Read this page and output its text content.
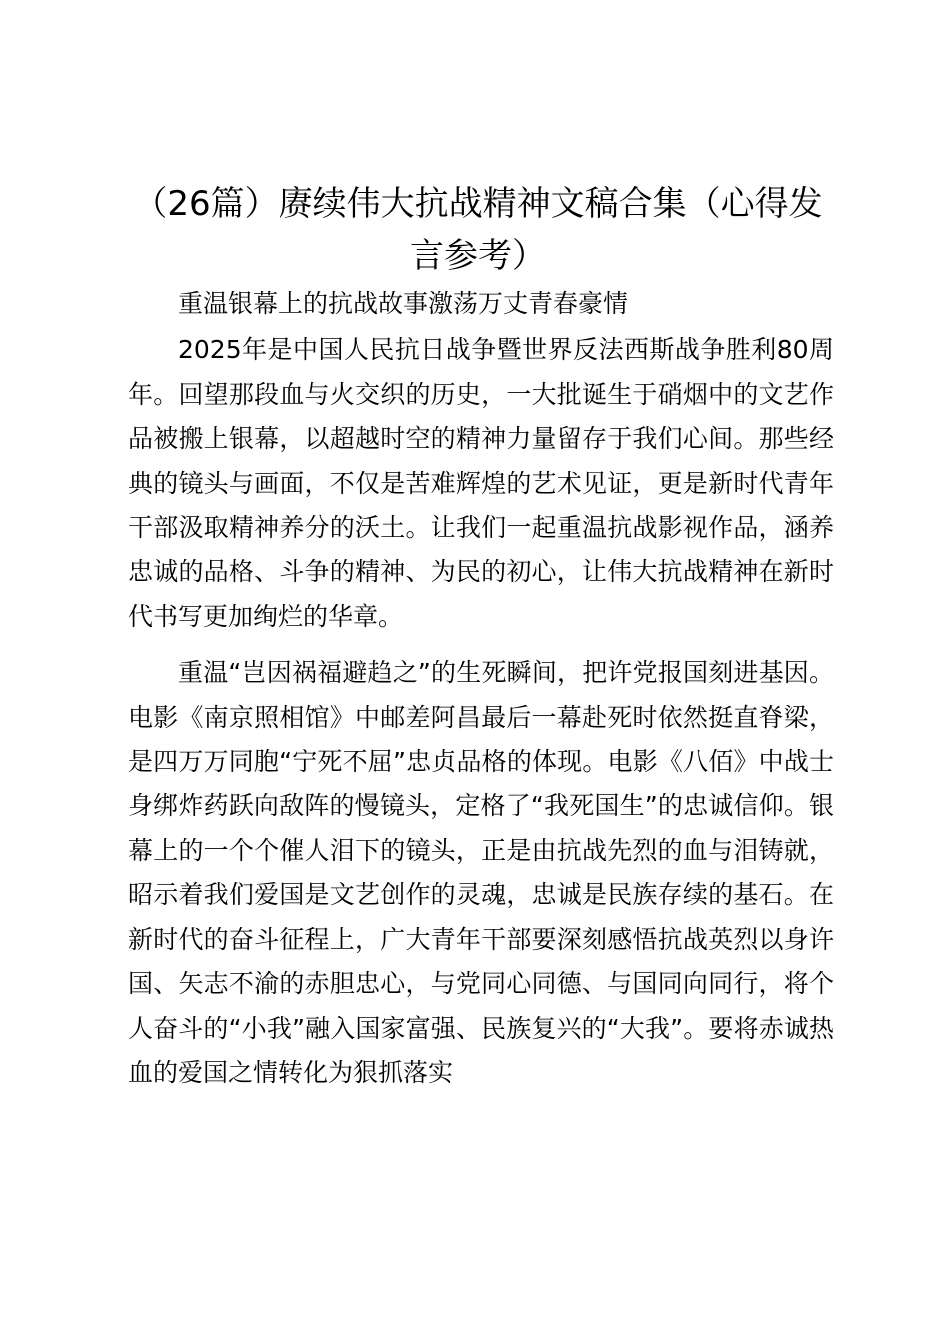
（26篇）赓续伟大抗战精神文稿合集（心得发言参考）

重温银幕上的抗战故事激荡万丈青春豪情

2025年是中国人民抗日战争暨世界反法西斯战争胜利80周年。回望那段血与火交织的历史，一大批诞生于硝烟中的文艺作品被搬上银幕，以超越时空的精神力量留存于我们心间。那些经典的镜头与画面，不仅是苦难辉煌的艺术见证，更是新时代青年干部汲取精神养分的沃土。让我们一起重温抗战影视作品，涵养忠诚的品格、斗争的精神、为民的初心，让伟大抗战精神在新时代书写更加绚烂的华章。

重温“岂因祸福避趋之”的生死瞬间，把许党报国刻进基因。电影《南京照相馆》中邮差阿昌最后一幕赴死时依然挺直脊梁，是四万万同胞“宁死不屈”忠贞品格的体现。电影《八佰》中战士身绑炸药跃向敌阵的慢镜头，定格了“我死国生”的忠诚信仰。银幕上的一个个催人泪下的镜头，正是由抗战先烈的血与泪铸就，昭示着我们爱国是文艺创作的灵魂，忠诚是民族存续的基石。在新时代的奋斗征程上，广大青年干部要深刻感悟抗战英烈以身许国、矢志不渝的赤胆忠心，与党同心同德、与国同向同行，将个人奋斗的“小我”融入国家富强、民族复兴的“大我”。要将赤诚热血的爱国之情转化为狠抓落实
